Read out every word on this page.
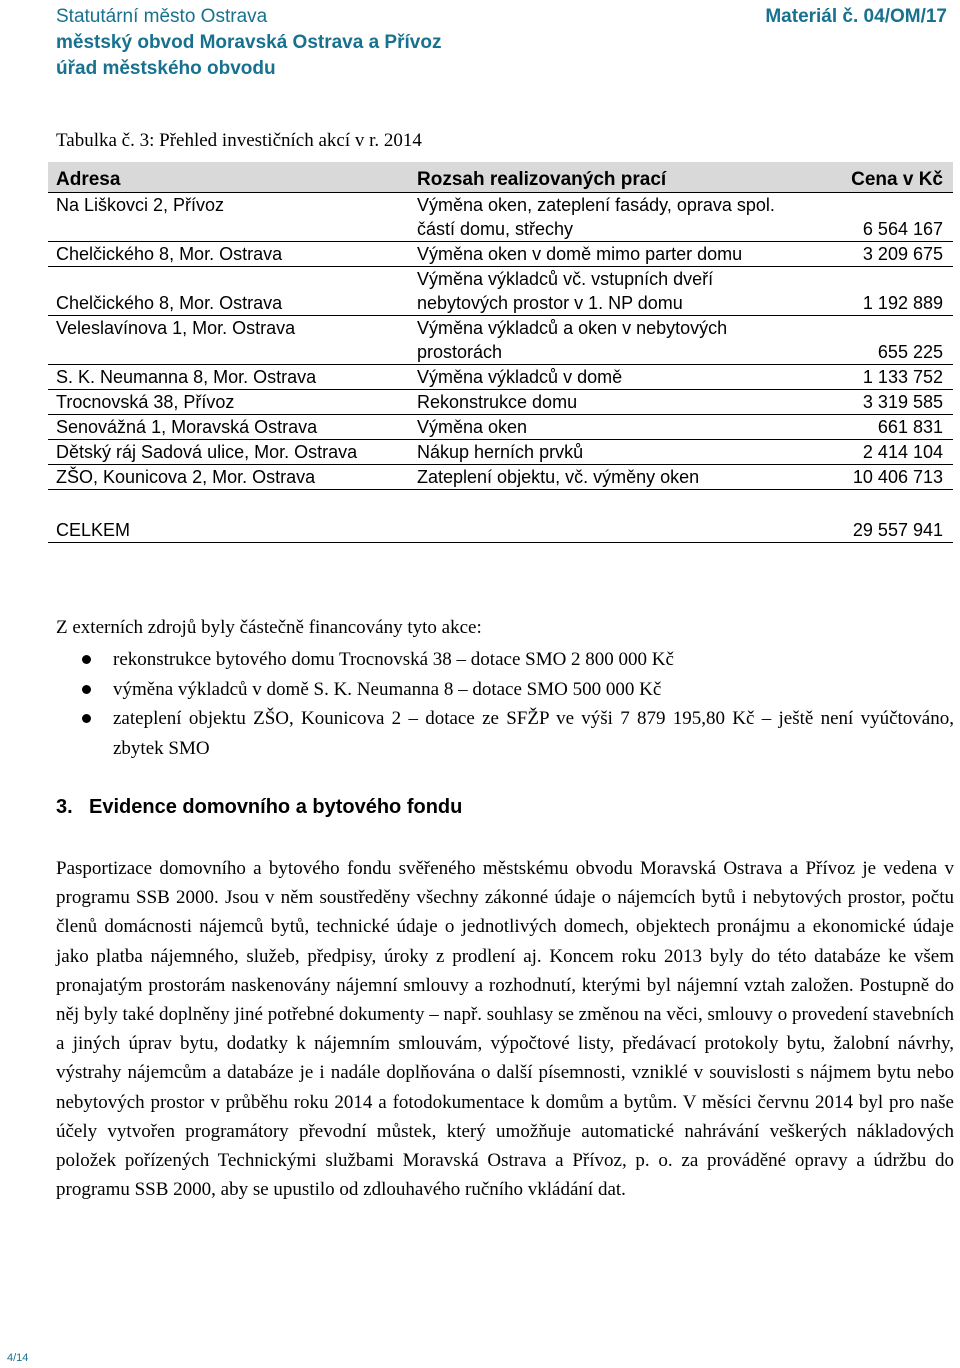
Statutární město Ostrava
městský obvod Moravská Ostrava a Přívoz
úřad městského obvodu
Materiál č. 04/OM/17
Tabulka č. 3: Přehled investičních akcí v r. 2014
Adresa	Rozsah realizovaných prací	Cena v Kč
Na Liškovci 2, Přívoz	Výměna oken, zateplení fasády, oprava spol. částí domu, střechy	6 564 167
Chelčického 8, Mor. Ostrava	Výměna oken v domě mimo parter domu	3 209 675
Chelčického 8, Mor. Ostrava	Výměna výkladců vč. vstupních dveří nebytových prostor v 1. NP domu	1 192 889
Veleslavínova 1, Mor. Ostrava	Výměna výkladců a oken v nebytových prostorách	655 225
S. K. Neumanna 8, Mor. Ostrava	Výměna výkladců v domě	1 133 752
Trocnovská 38, Přívoz	Rekonstrukce domu	3 319 585
Senovážná 1, Moravská Ostrava	Výměna oken	661 831
Dětský ráj Sadová ulice, Mor. Ostrava	Nákup herních prvků	2 414 104
ZŠO, Kounicova 2, Mor. Ostrava	Zateplení objektu, vč. výměny oken	10 406 713

CELKEM		29 557 941
Z externích zdrojů byly částečně financovány tyto akce:
rekonstrukce bytového domu Trocnovská 38 – dotace SMO 2 800 000 Kč
výměna výkladců v domě S. K. Neumanna 8 – dotace SMO 500 000 Kč
zateplení objektu ZŠO, Kounicova 2 – dotace ze SFŽP ve výši 7 879 195,80 Kč – ještě není vyúčtováno, zbytek SMO
3. Evidence domovního a bytového fondu
Pasportizace domovního a bytového fondu svěřeného městskému obvodu Moravská Ostrava a Přívoz je vedena v programu SSB 2000. Jsou v něm soustředěny všechny zákonné údaje o nájemcích bytů i nebytových prostor, počtu členů domácnosti nájemců bytů, technické údaje o jednotlivých domech, objektech pronájmu a ekonomické údaje jako platba nájemného, služeb, předpisy, úroky z prodlení aj. Koncem roku 2013 byly do této databáze ke všem pronajatým prostorám naskenovány nájemní smlouvy a rozhodnutí, kterými byl nájemní vztah založen. Postupně do něj byly také doplněny jiné potřebné dokumenty – např. souhlasy se změnou na věci, smlouvy o provedení stavebních a jiných úprav bytu, dodatky k nájemním smlouvám, výpočtové listy, předávací protokoly bytu, žalobní návrhy, výstrahy nájemcům a databáze je i nadále doplňována o další písemnosti, vzniklé v souvislosti s nájmem bytu nebo nebytových prostor v průběhu roku 2014 a fotodokumentace k domům a bytům. V měsíci červnu 2014 byl pro naše účely vytvořen programátory převodní můstek, který umožňuje automatické nahrávání veškerých nákladových položek pořízených Technickými službami Moravská Ostrava a Přívoz, p. o. za prováděné opravy a údržbu do programu SSB 2000, aby se upustilo od zdlouhavého ručního vkládání dat.
4/14
